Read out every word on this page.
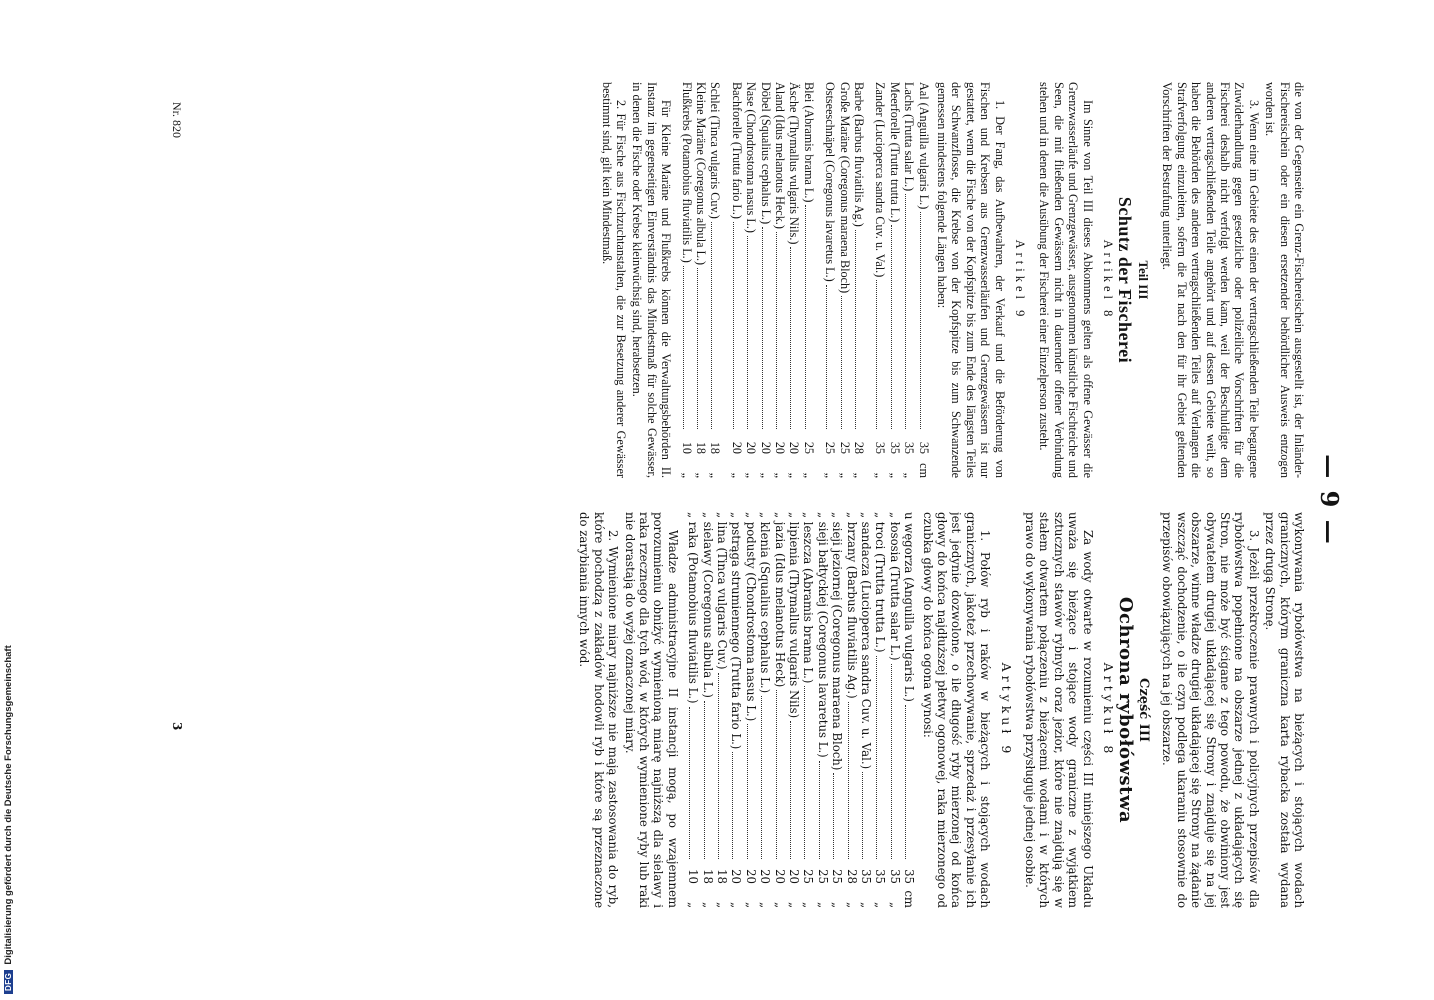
— 9 —

die von der Gegenseite ein Grenz-Fischereischein ausgestellt ist, der Inländer-Fischereischein oder ein diesen ersetzender behördlicher Ausweis entzogen worden ist.

3. Wenn eine im Gebiete des einen der vertragschließenden Teile begangene Zuwiderhandlung gegen gesetzliche oder polizeiliche Vorschriften für die Fischerei deshalb nicht verfolgt werden kann, weil der Beschuldigte dem anderen vertragschließenden Teile angehört und auf dessen Gebiete weilt, so haben die Behörden des anderen vertragschließenden Teiles auf Verlangen die Strafverfolgung einzuleiten, sofern die Tat nach den für ihr Gebiet geltenden Vorschriften der Bestrafung unterliegt.

Teil III
Schutz der Fischerei
Artikel 8

Im Sinne von Teil III dieses Abkommens gelten als offene Gewässer die Grenzwasserläufe und Grenzgewässer, ausgenommen künstliche Fischteiche und Seen, die mit fließenden Gewässern nicht in dauernder offener Verbindung stehen und in denen die Ausübung der Fischerei einer Einzelperson zusteht.

Artikel 9

1. Der Fang, das Aufbewahren, der Verkauf und die Beförderung von Fischen und Krebsen aus Grenzwasserläufen und Grenzgewässern ist nur gestattet, wenn die Fische von der Kopfspitze bis zum Ende des längsten Teiles der Schwanzflosse, die Krebse von der Kopfspitze bis zum Schwanzende gemessen mindestens folgende Längen haben:

Aal (Anguilla vulgaris L.)
35
cm
Lachs (Trutta salar L.)
35
„
Meerforelle (Trutta trutta L.)
35
„
Zander (Lucioperca sandra Cuv. u. Val.)
35
„
Barbe (Barbus fluviatilis Ag.)
28
„
Große Maräne (Coregonus maraena Bloch)
25
„
Ostseeschnäpel (Coregonus lavaretus L.)
25
„
Blei (Abramis brama L.)
25
„
Äsche (Thymallus vulgaris Nils.)
20
„
Aland (Idus melanotus Heck.)
20
„
Döbel (Squalius cephalus L.)
20
„
Nase (Chondrostoma nasus L.)
20
„
Bachforelle (Trutta fario L.)
20
„
Schlei (Tinca vulgaris Cuv.)
18
„
Kleine Maräne (Coregonus albula L.)
18
„
Flußkrebs (Potamobius fluviatilis L.)
10
„

Für Kleine Maräne und Flußkrebs können die Verwaltungsbehörden II. Instanz im gegenseitigen Einverständnis das Mindestmaß für solche Gewässer, in denen die Fische oder Krebse kleinwüchsig sind, herabsetzen.

2. Für Fische aus Fischzuchtanstalten, die zur Besetzung anderer Gewässer bestimmt sind, gilt kein Mindestmaß.

wykonywania rybołówstwa na bieżących i stojących wodach granicznych, którym graniczna karta rybacka została wydana przez drugą Stronę.

3. Jeżeli przekroczenie prawnych i policyjnych przepisów dla rybołówstwa popełnione na obszarze jednej z układających się Stron, nie może być ścigane z tego powodu, że obwiniony jest obywatelem drugiej układającej się Strony i znajduje się na jej obszarze, winne władze drugiej układającej się Strony na żądanie wszcząć dochodzenie, o ile czyn podlega ukaraniu stosownie do przepisów obowiązujących na jej obszarze.

Część III
Ochrona rybołówstwa
Artykuł 8

Za wody otwarte w rozumieniu części III niniejszego Układu uważa się bieżące i stojące wody graniczne z wyjątkiem sztucznych stawów rybnych oraz jezior, które nie znajdują się w stałem otwartem połączeniu z bieżącemi wodami i w których prawo do wykonywania rybołówstwa przysługuje jednej osobie.

Artykuł 9

1. Połów ryb i raków w bieżących i stojących wodach granicznych, jakoteż przechowywanie, sprzedaż i przesyłanie ich jest jedynie dozwolone, o ile długość ryby mierzonej od końca głowy do końca najdłuższej płetwy ogonowej, raka mierzonego od czubka głowy do końca ogona wynosi:

u węgorza (Anguilla vulgaris L.)
35
cm
„ łososia (Trutta salar L.)
35
„
„ troci (Trutta trutta L.)
35
„
„ sandacza (Lucioperca sandra Cuv. u. Val.)
35
„
„ brzany (Barbus fluviatilis Ag.)
28
„
„ sieji jeziornej (Coregonus maraena Bloch)
25
„
„ sieji bałtyckiej (Coregonus lavaretus L.)
25
„
„ leszcza (Abramis brama L.)
25
„
„ lipienia (Thymallus vulgaris Nils)
20
„
„ jazia (Idus melanotus Heck)
20
„
„ klenia (Squalius cephalus L.)
20
„
„ podusty (Chondrostoma nasus L.)
20
„
„ pstrąga strumiennego (Trutta fario L.)
20
„
„ lina (Tinca vulgaris Cuv.)
18
„
„ sielawy (Coregonus albula L.)
18
„
„ raka (Potamobius fluviatilis L.)
10
„

Władze administracyjne II instancji mogą, po wzajemnem porozumieniu obniżyć wymienioną miarę najniższą dla sielawy i raka rzecznego dla tych wód, w których wymienione ryby lub raki nie dorastają do wyżej oznaczonej miary.

2. Wymienione miary najniższe nie mają zastosowania do ryb, które pochodzą z zakładów hodowli ryb i które są przeznaczone do zarybiania innych wód.

Nr. 820
3
DFG
Digitalisierung gefördert durch die Deutsche Forschungsgemeinschaft
